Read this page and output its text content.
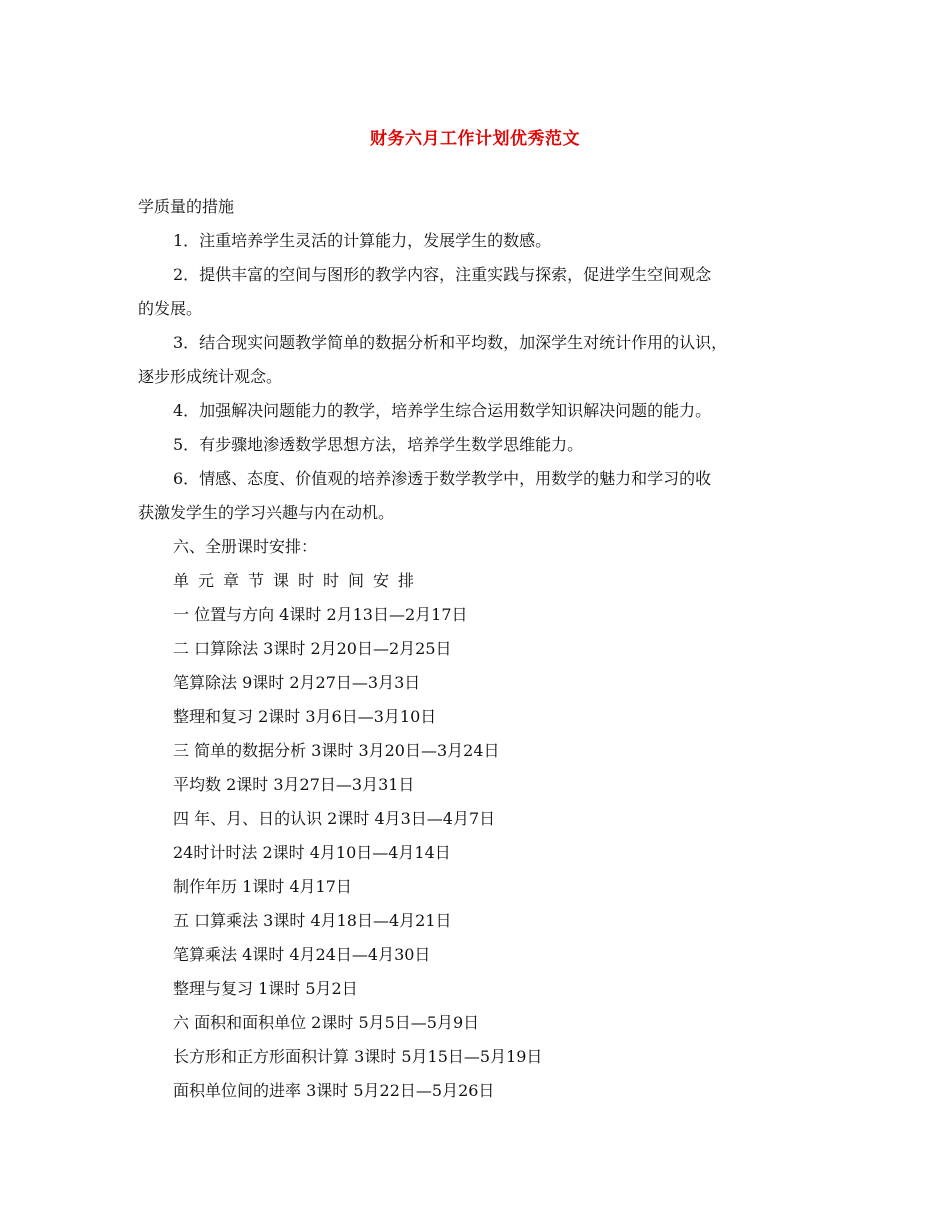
财务六月工作计划优秀范文
学质量的措施
1．注重培养学生灵活的计算能力，发展学生的数感。
2．提供丰富的空间与图形的教学内容，注重实践与探索，促进学生空间观念
的发展。
3．结合现实问题教学简单的数据分析和平均数，加深学生对统计作用的认识，
逐步形成统计观念。
4．加强解决问题能力的教学，培养学生综合运用数学知识解决问题的能力。
5．有步骤地渗透数学思想方法，培养学生数学思维能力。
6．情感、态度、价值观的培养渗透于数学教学中，用数学的魅力和学习的收
获激发学生的学习兴趣与内在动机。
六、全册课时安排：
单元章节课时时间安排
一 位置与方向 4课时 2月13日—2月17日
二 口算除法 3课时 2月20日—2月25日
笔算除法 9课时 2月27日—3月3日
整理和复习 2课时 3月6日—3月10日
三 简单的数据分析 3课时 3月20日—3月24日
平均数 2课时 3月27日—3月31日
四 年、月、日的认识 2课时 4月3日—4月7日
24时计时法 2课时 4月10日—4月14日
制作年历 1课时 4月17日
五 口算乘法 3课时 4月18日—4月21日
笔算乘法 4课时 4月24日—4月30日
整理与复习 1课时 5月2日
六 面积和面积单位 2课时 5月5日—5月9日
长方形和正方形面积计算 3课时 5月15日—5月19日
面积单位间的进率 3课时 5月22日—5月26日
